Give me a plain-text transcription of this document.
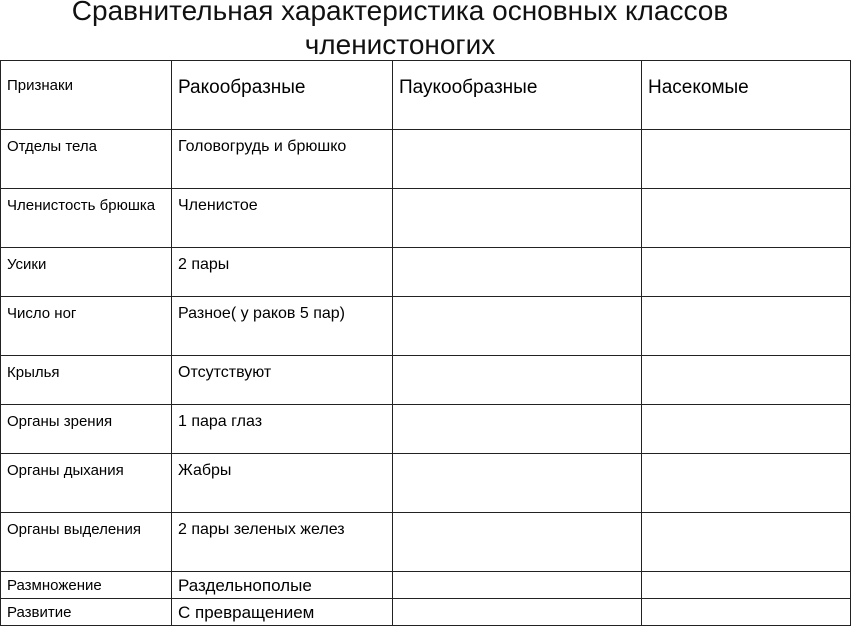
Сравнительная характеристика основных классов членистоногих
Признаки	Ракообразные	Паукообразные	Насекомые
Отделы тела	Головогрудь и брюшко		
Членистость брюшка	Членистое		
Усики	2 пары		
Число ног	Разное( у раков 5 пар)		
Крылья	Отсутствуют		
Органы зрения	1 пара глаз		
Органы дыхания	Жабры		
Органы выделения	2 пары зеленых желез		
Размножение	Раздельнополые		
Развитие	С превращением		
